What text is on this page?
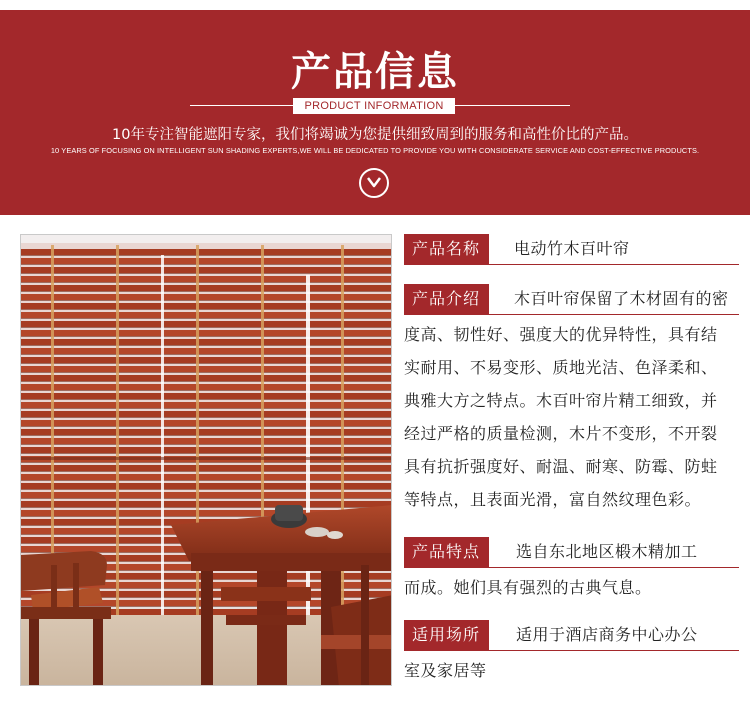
产品信息
PRODUCT INFORMATION
10年专注智能遮阳专家，我们将竭诚为您提供细致周到的服务和高性价比的产品。
10 YEARS OF FOCUSING ON INTELLIGENT SUN SHADING EXPERTS,WE WILL BE DEDICATED TO PROVIDE YOU WITH CONSIDERATE SERVICE AND COST-EFFECTIVE PRODUCTS.
产品名称 电动竹木百叶帘
产品介绍 木百叶帘保留了木材固有的密
度高、韧性好、强度大的优异特性，具有结
实耐用、不易变形、质地光洁、色泽柔和、
典雅大方之特点。木百叶帘片精工细致，并
经过严格的质量检测，木片不变形，不开裂
具有抗折强度好、耐温、耐寒、防霉、防蛀
等特点，且表面光滑，富自然纹理色彩。
产品特点 选自东北地区椴木精加工
而成。她们具有强烈的古典气息。
适用场所 适用于酒店商务中心办公
室及家居等
